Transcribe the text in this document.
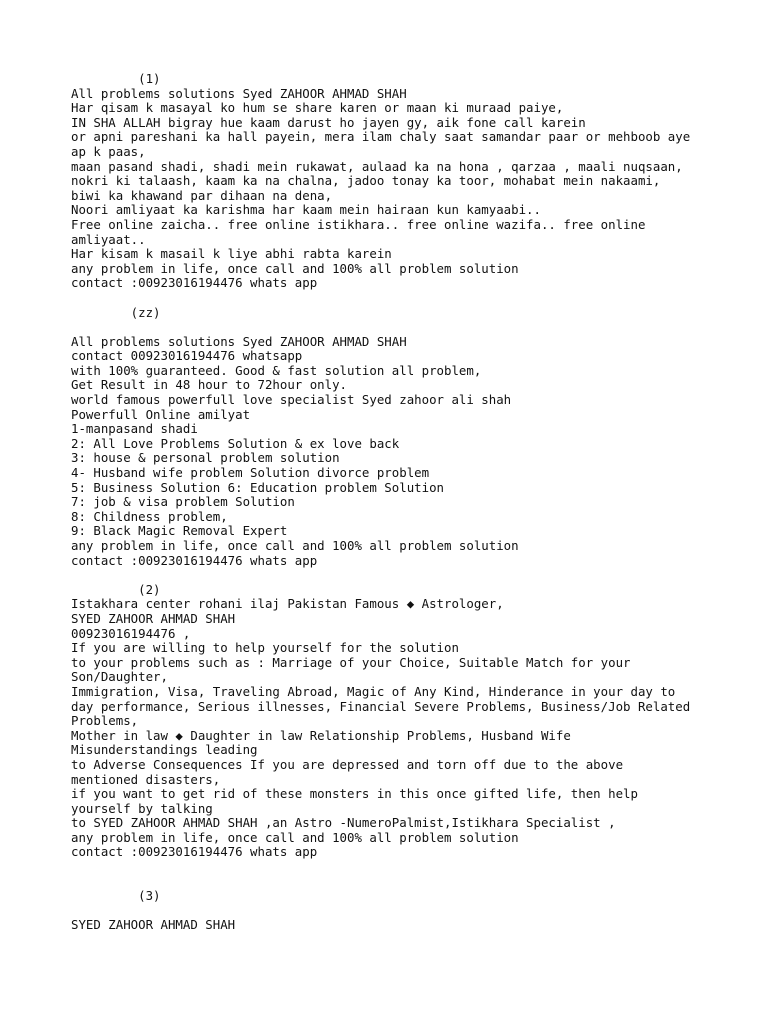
(1)
All problems solutions Syed ZAHOOR AHMAD SHAH
Har qisam k masayal ko hum se share karen or maan ki muraad paiye,
IN SHA ALLAH bigray hue kaam darust ho jayen gy, aik fone call karein
or apni pareshani ka hall payein, mera ilam chaly saat samandar paar or mehboob aye
ap k paas,
maan pasand shadi, shadi mein rukawat, aulaad ka na hona , qarzaa , maali nuqsaan,
nokri ki talaash, kaam ka na chalna, jadoo tonay ka toor, mohabat mein nakaami,
biwi ka khawand par dihaan na dena,
Noori amliyaat ka karishma har kaam mein hairaan kun kamyaabi..
Free online zaicha.. free online istikhara.. free online wazifa.. free online
amliyaat..
Har kisam k masail k liye abhi rabta karein
any problem in life, once call and 100% all problem solution
contact :00923016194476 whats app
(zz)
All problems solutions Syed ZAHOOR AHMAD SHAH
contact 00923016194476 whatsapp
with 100% guaranteed. Good & fast solution all problem,
Get Result in 48 hour to 72hour only.
world famous powerfull love specialist Syed zahoor ali shah
Powerfull Online amilyat
1-manpasand shadi
2: All Love Problems Solution & ex love back
3: house & personal problem solution
4- Husband wife problem Solution divorce problem
5: Business Solution 6: Education problem Solution
7: job & visa problem Solution
8: Childness problem,
9: Black Magic Removal Expert
any problem in life, once call and 100% all problem solution
contact :00923016194476 whats app
(2)
Istakhara center rohani ilaj Pakistan Famous ◆ Astrologer,
SYED ZAHOOR AHMAD SHAH
00923016194476 ,
If you are willing to help yourself for the solution
to your problems such as : Marriage of your Choice, Suitable Match for your
Son/Daughter,
Immigration, Visa, Traveling Abroad, Magic of Any Kind, Hinderance in your day to
day performance, Serious illnesses, Financial Severe Problems, Business/Job Related
Problems,
Mother in law ◆ Daughter in law Relationship Problems, Husband Wife
Misunderstandings leading
to Adverse Consequences If you are depressed and torn off due to the above
mentioned disasters,
if you want to get rid of these monsters in this once gifted life, then help
yourself by talking
to SYED ZAHOOR AHMAD SHAH ,an Astro -NumeroPalmist,Istikhara Specialist ,
any problem in life, once call and 100% all problem solution
contact :00923016194476 whats app
(3)
SYED ZAHOOR AHMAD SHAH
